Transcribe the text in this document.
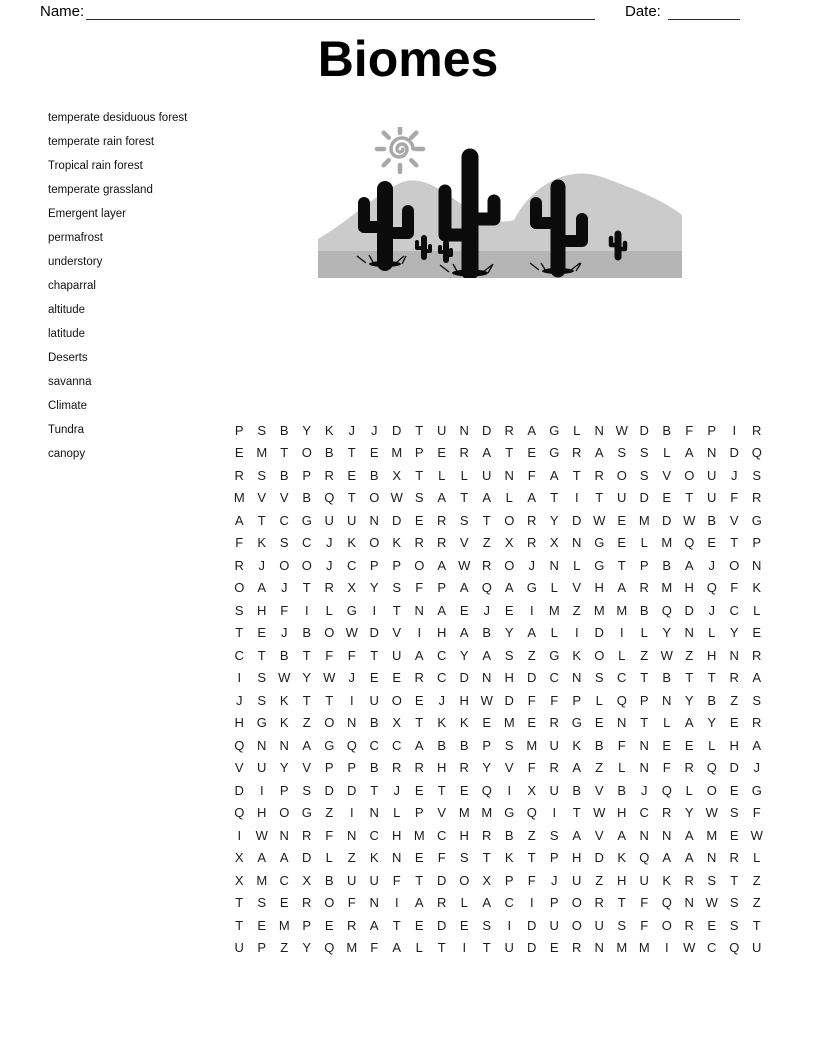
Name:	Date:
Biomes
temperate desiduous forest
temperate rain forest
Tropical rain forest
temperate grassland
Emergent layer
permafrost
understory
chaparral
altitude
latitude
Deserts
savanna
Climate
Tundra
canopy
P	S	B	Y	K	J	J	D	T	U	N	D	R	A	G	L	N W D	B	F	P	I	R
E M	T	O	B	T	E M P	E	R	A	T	E	G R	A	S	S	L	A	N	D Q
R	S	B	P	R	E	B	X	T	L	L	U	N	F	A	T	R O	S	V	O U	J	S
M V	V	B	Q	T	O W S	A	T	A	L	A	T	I	T	U	D	E	T	U	F	R
A	T	C G U	U	N	D	E	R	S	T	O R	Y	D W E M D W B	V	G
F	K	S	C	J	K	O	K	R	R	V	Z	X	R	X	N G	E	L	M Q	E	T	P
R	J	O O	J	C	P	P	O	A W R O	J	N	L	G	T	P	B	A	J	O N
O	A	J	T	R	X	Y	S	F	P	A	Q	A	G	L	V	H	A	R M H Q	F	K
S	H	F	I	L	G	I	T	N	A	E	J	E	I	M	Z	M M B	Q D	J	C	L
T	E	J	B	O W D	V	I	H	A	B	Y	A	L	I	D	I	L	Y	N	L	Y	E
C	T	B	T	F	F	T	U	A	C	Y	A	S	Z	G	K	O	L	Z W Z	H	N	R
I	S W Y W	J	E	E	R	C	D	N	H	D	C	N	S	C	T	B	T	T	R	A
J	S	K	T	T	I	U O	E	J	H W D	F	F	P	L	Q	P	N	Y	B	Z	S
H G	K	Z	O N	B	X	T	K	K	E M E	R G	E	N	T	L	A	Y	E	R
Q N	N	A	G Q C	C	A	B	B	P	S M U	K	B	F	N	E	E	L	H	A
V	U	Y	V	P	P	B	R	R	H	R	Y	V	F	R	A	Z	L	N	F	R Q D	J
D	I	P	S	D	D	T	J	E	T	E	Q	I	X	U	B	V	B	J	Q	L	O	E	G
Q H O G	Z	I	N	L	P	V M M G Q	I	T W H	C	R	Y W S	F
I	W N	R	F	N	C	H M C	H	R	B	Z	S	A	V	A	N	N	A M E W
X	A	A	D	L	Z	K	N	E	F	S	T	K	T	P	H	D	K	Q	A	A	N	R	L
X M C	X	B	U	U	F	T	D O	X	P	F	J	U	Z	H	U	K	R	S	T	Z
T	S	E	R O	F	N	I	A	R	L	A	C	I	P	O R	T	F	Q N W S	Z
T	E M P	E	R	A	T	E	D	E	S	I	D	U O U	S	F	O R	E	S	T
U	P	Z	Y	Q M	F	A	L	T	I	T	U	D	E	R	N M M	I	W C Q U
